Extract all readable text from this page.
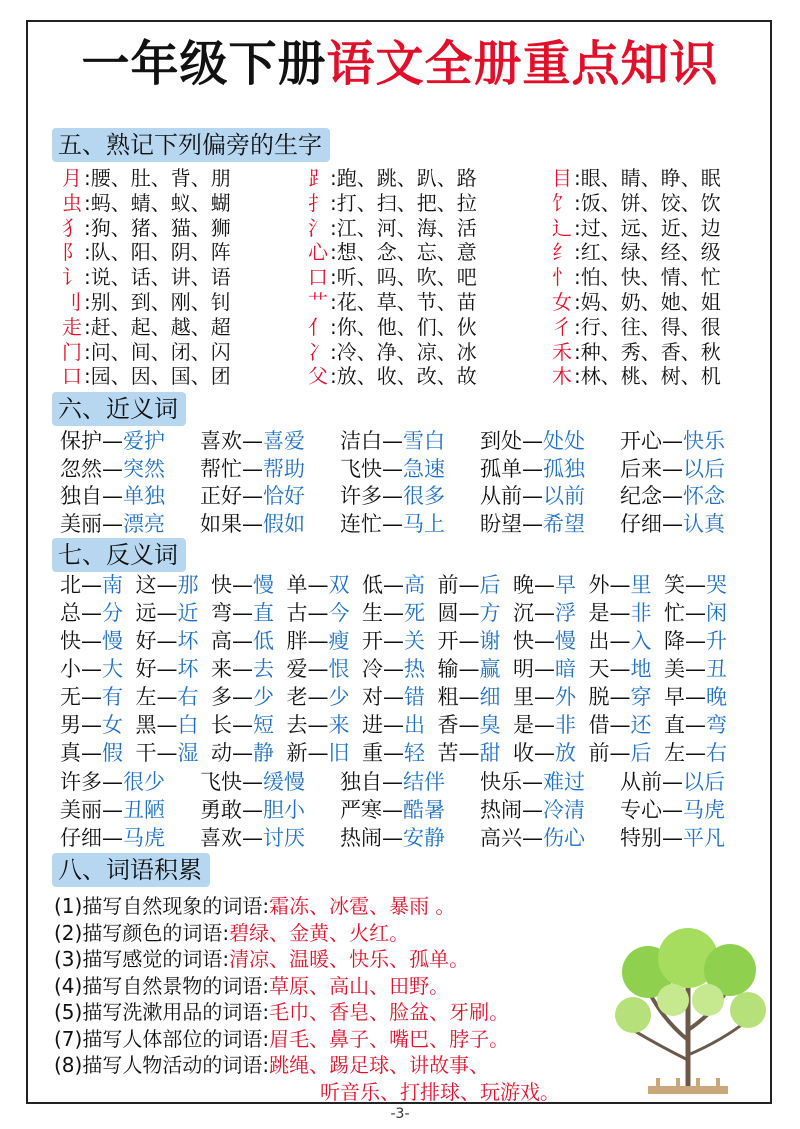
一年级下册语文全册重点知识
五、熟记下列偏旁的生字
月 :腰、肚、背、朋	⻊ :跑、跳、趴、路	目 :眼、睛、睁、眠
虫 :蚂、蜻、蚁、蝴	扌 :打、扫、把、拉	饣 :饭、饼、饺、饮
犭 :狗、猪、猫、狮	氵 :江、河、海、活	辶 :过、远、近、边
阝 :队、阳、阴、阵	心 :想、念、忘、意	纟 :红、绿、经、级
讠 :说、话、讲、语	口 :听、吗、吹、吧	忄 :怕、快、情、忙
刂 :别、到、刚、钊	艹 :花、草、节、苗	女 :妈、奶、她、姐
走 :赶、起、越、超	亻 :你、他、们、伙	彳 :行、往、得、很
门 :问、间、闭、闪	冫 :冷、净、凉、冰	禾 :种、秀、香、秋
口 :园、因、国、团	父 :放、收、改、故	木 :林、桃、树、机
六、近义词
保护—爱护 喜欢—喜爱 洁白—雪白 到处—处处 开心—快乐
忽然—突然 帮忙—帮助 飞快—急速 孤单—孤独 后来—以后
独自—单独 正好—恰好 许多—很多 从前—以前 纪念—怀念
美丽—漂亮 如果—假如 连忙—马上 盼望—希望 仔细—认真
七、反义词
北—南 这—那 快—慢 单—双 低—高 前—后 晚—早 外—里 笑—哭
总—分 远—近 弯—直 古—今 生—死 圆—方 沉—浮 是—非 忙—闲
快—慢 好—坏 高—低 胖—瘦 开—关 开—谢 快—慢 出—入 降—升
小—大 好—坏 来—去 爱—恨 冷—热 输—赢 明—暗 天—地 美—丑
无—有 左—右 多—少 老—少 对—错 粗—细 里—外 脱—穿 早—晚
男—女 黑—白 长—短 去—来 进—出 香—臭 是—非 借—还 直—弯
真—假 干—湿 动—静 新—旧 重—轻 苦—甜 收—放 前—后 左—右
许多—很少 飞快—缓慢 独自—结伴 快乐—难过 从前—以后
美丽—丑陋 勇敢—胆小 严寒—酷暑 热闹—冷清 专心—马虎
仔细—马虎 喜欢—讨厌 热闹—安静 高兴—伤心 特别—平凡
八、词语积累
(1)描写自然现象的词语:霜冻、冰雹、暴雨 。
(2)描写颜色的词语:碧绿、金黄、火红。
(3)描写感觉的词语:清凉、温暖、快乐、孤单。
(4)描写自然景物的词语:草原、高山、田野。
(5)描写洗漱用品的词语:毛巾、香皂、脸盆、牙刷。
(7)描写人体部位的词语:眉毛、鼻子、嘴巴、脖子。
(8)描写人物活动的词语:跳绳、踢足球、讲故事、
听音乐、打排球、玩游戏。
-3-
